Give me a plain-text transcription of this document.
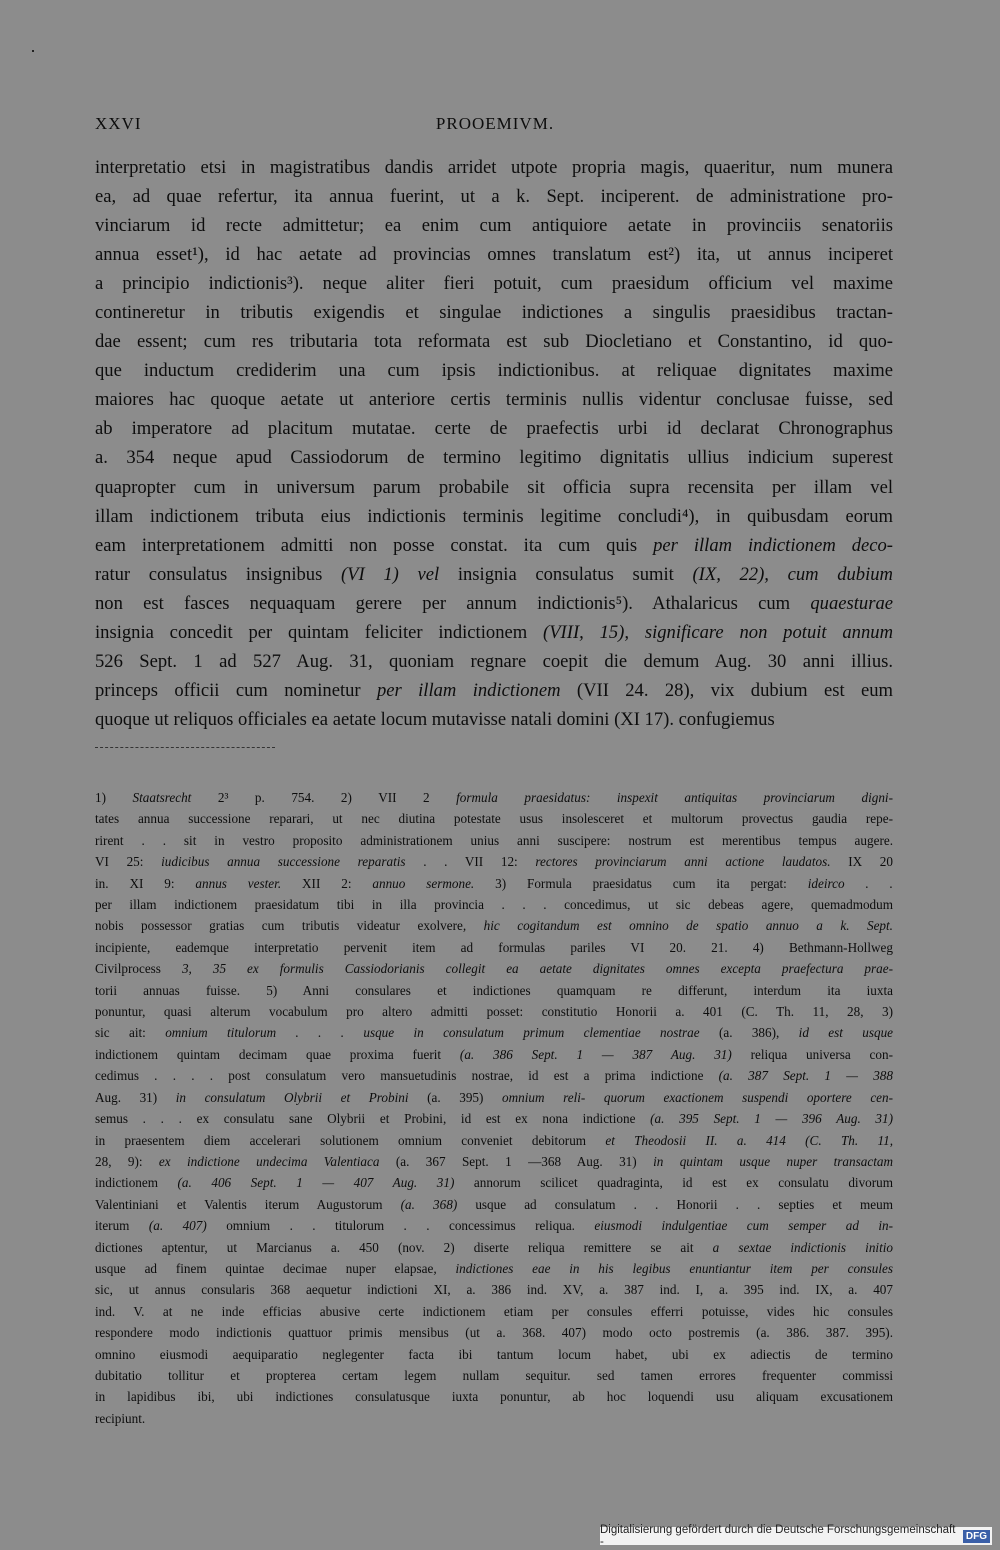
XXVI	PROOEMIVM.
interpretatio etsi in magistratibus dandis arridet utpote propria magis, quaeritur, num munera
ea, ad quae refertur, ita annua fuerint, ut a k. Sept. inciperent. de administratione pro-
vinciarum id recte admittetur; ea enim cum antiquiore aetate in provinciis senatoriis
annua esset¹), id hac aetate ad provincias omnes translatum est²) ita, ut annus inciperet
a principio indictionis³). neque aliter fieri potuit, cum praesidum officium vel maxime
contineretur in tributis exigendis et singulae indictiones a singulis praesidibus tractan-
dae essent; cum res tributaria tota reformata est sub Diocletiano et Constantino, id quo-
que inductum crediderim una cum ipsis indictionibus. at reliquae dignitates maxime
maiores hac quoque aetate ut anteriore certis terminis nullis videntur conclusae fuisse, sed
ab imperatore ad placitum mutatae. certe de praefectis urbi id declarat Chronographus
a. 354 neque apud Cassiodorum de termino legitimo dignitatis ullius indicium superest
quapropter cum in universum parum probabile sit officia supra recensita per illam vel
illam indictionem tributa eius indictionis terminis legitime concludi⁴), in quibusdam eorum
eam interpretationem admitti non posse constat. ita cum quis per illam indictionem deco-
ratur consulatus insignibus (VI 1) vel insignia consulatus sumit (IX, 22), cum dubium
non est fasces nequaquam gerere per annum indictionis⁵). Athalaricus cum quaesturae
insignia concedit per quintam feliciter indictionem (VIII, 15), significare non potuit annum
526 Sept. 1 ad 527 Aug. 31, quoniam regnare coepit die demum Aug. 30 anni illius.
princeps officii cum nominetur per illam indictionem (VII 24. 28), vix dubium est eum
quoque ut reliquos officiales ea aetate locum mutavisse natali domini (XI 17). confugiemus
1) Staatsrecht 2³ p. 754. 2) VII 2 formula praesidatus: inspexit antiquitas provinciarum digni-
tates annua successione reparari, ut nec diutina potestate usus insolesceret et multorum provectus gaudia repe-
rirent . . sit in vestro proposito administrationem unius anni suscipere: nostrum est merentibus tempus augere.
VI 25: iudicibus annua successione reparatis . . VII 12: rectores provinciarum anni actione laudatos. IX 20
in. XI 9: annus vester. XII 2: annuo sermone. 3) Formula praesidatus cum ita pergat: ideirco . .
per illam indictionem praesidatum tibi in illa provincia . . . concedimus, ut sic debeas agere, quemadmodum
nobis possessor gratias cum tributis videatur exolvere, hic cogitandum est omnino de spatio annuo a k. Sept.
incipiente, eademque interpretatio pervenit item ad formulas pariles VI 20. 21. 4) Bethmann-Hollweg
Civilprocess 3, 35 ex formulis Cassiodorianis collegit ea aetate dignitates omnes excepta praefectura prae-
torii annuas fuisse. 5) Anni consulares et indictiones quamquam re differunt, interdum ita iuxta
ponuntur, quasi alterum vocabulum pro altero admitti posset: constitutio Honorii a. 401 (C. Th. 11, 28, 3)
sic ait: omnium titulorum . . . usque in consulatum primum clementiae nostrae (a. 386), id est usque
indictionem quintam decimam quae proxima fuerit (a. 386 Sept. 1 — 387 Aug. 31) reliqua universa con-
cedimus . . . . post consulatum vero mansuetudinis nostrae, id est a prima indictione (a. 387 Sept. 1 — 388
Aug. 31) in consulatum Olybrii et Probini (a. 395) omnium reli- quorum exactionem suspendi oportere cen-
semus . . . ex consulatu sane Olybrii et Probini, id est ex nona indictione (a. 395 Sept. 1 — 396 Aug. 31)
in praesentem diem accelerari solutionem omnium conveniet debitorum et Theodosii II. a. 414 (C. Th. 11,
28, 9): ex indictione undecima Valentiaca (a. 367 Sept. 1 —368 Aug. 31) in quintam usque nuper transactam
indictionem (a. 406 Sept. 1 — 407 Aug. 31) annorum scilicet quadraginta, id est ex consulatu divorum
Valentiniani et Valentis iterum Augustorum (a. 368) usque ad consulatum . . Honorii . . septies et meum
iterum (a. 407) omnium . . titulorum . . concessimus reliqua. eiusmodi indulgentiae cum semper ad in-
dictiones aptentur, ut Marcianus a. 450 (nov. 2) diserte reliqua remittere se ait a sextae indictionis initio
usque ad finem quintae decimae nuper elapsae, indictiones eae in his legibus enuntiantur item per consules
sic, ut annus consularis 368 aequetur indictioni XI, a. 386 ind. XV, a. 387 ind. I, a. 395 ind. IX, a. 407
ind. V. at ne inde efficias abusive certe indictionem etiam per consules efferri potuisse, vides hic consules
respondere modo indictionis quattuor primis mensibus (ut a. 368. 407) modo octo postremis (a. 386. 387. 395).
omnino eiusmodi aequiparatio neglegenter facta ibi tantum locum habet, ubi ex adiectis de termino
dubitatio tollitur et propterea certam legem nullam sequitur. sed tamen errores frequenter commissi
in lapidibus ibi, ubi indictiones consulatusque iuxta ponuntur, ab hoc loquendi usu aliquam excusationem
recipiunt.
Digitalisierung gefördert durch die Deutsche Forschungsgemeinschaft -	DFG
